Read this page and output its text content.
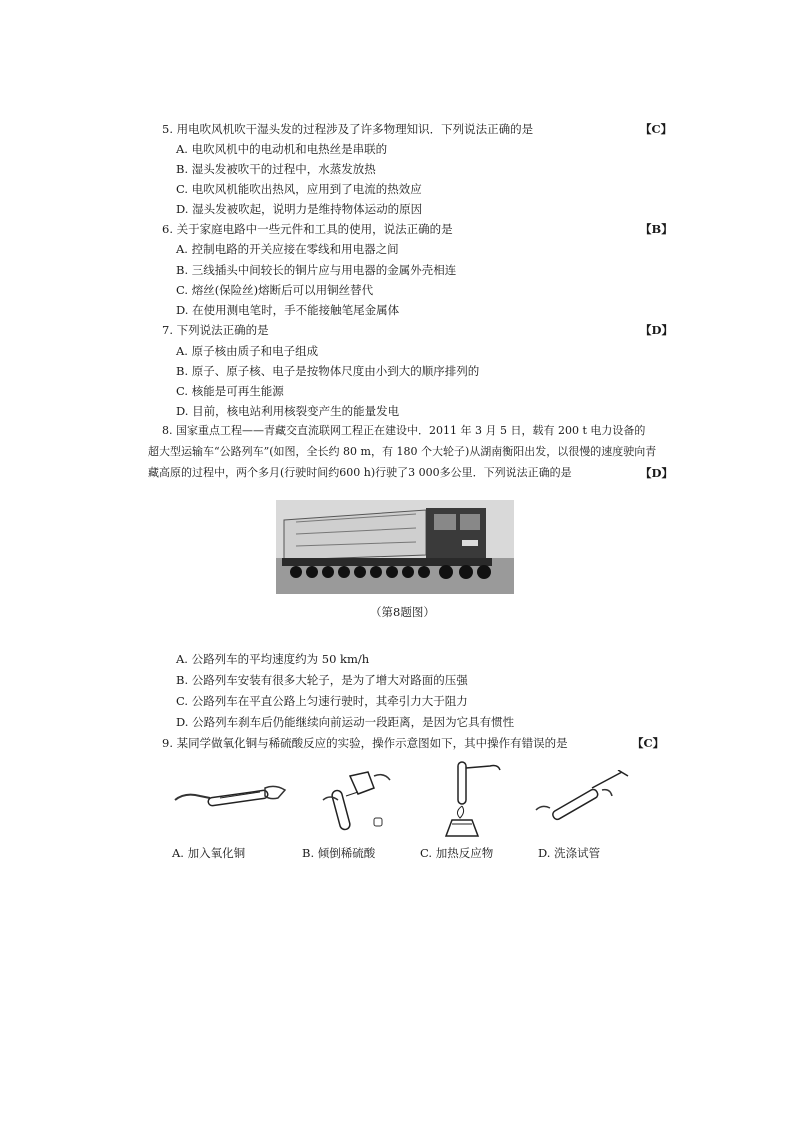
5. 用电吹风机吹干湿头发的过程涉及了许多物理知识．下列说法正确的是	【C】
A. 电吹风机中的电动机和电热丝是串联的
B. 湿头发被吹干的过程中，水蒸发放热
C. 电吹风机能吹出热风，应用到了电流的热效应
D. 湿头发被吹起，说明力是维持物体运动的原因
6. 关于家庭电路中一些元件和工具的使用，说法正确的是	【B】
A. 控制电路的开关应接在零线和用电器之间
B. 三线插头中间较长的铜片应与用电器的金属外壳相连
C. 熔丝(保险丝)熔断后可以用铜丝替代
D. 在使用测电笔时，手不能接触笔尾金属体
7. 下列说法正确的是	【D】
A. 原子核由质子和电子组成
B. 原子、原子核、电子是按物体尺度由小到大的顺序排列的
C. 核能是可再生能源
D. 目前，核电站利用核裂变产生的能量发电
8. 国家重点工程——青藏交直流联网工程正在建设中．2011 年 3 月 5 日，载有 200 t 电力设备的
超大型运输车“公路列车”(如图，全长约 80 m，有 180 个大轮子)从湖南衡阳出发，以很慢的速度驶向青
藏高原的过程中，两个多月(行驶时间约600 h)行驶了3 000多公里．下列说法正确的是	【D】
（第8题图）
A. 公路列车的平均速度约为 50 km/h
B. 公路列车安装有很多大轮子，是为了增大对路面的压强
C. 公路列车在平直公路上匀速行驶时，其牵引力大于阻力
D. 公路列车刹车后仍能继续向前运动一段距离，是因为它具有惯性
9. 某同学做氧化铜与稀硫酸反应的实验，操作示意图如下，其中操作有错误的是	【C】
A. 加入氧化铜	B. 倾倒稀硫酸	C. 加热反应物	D. 洗涤试管
